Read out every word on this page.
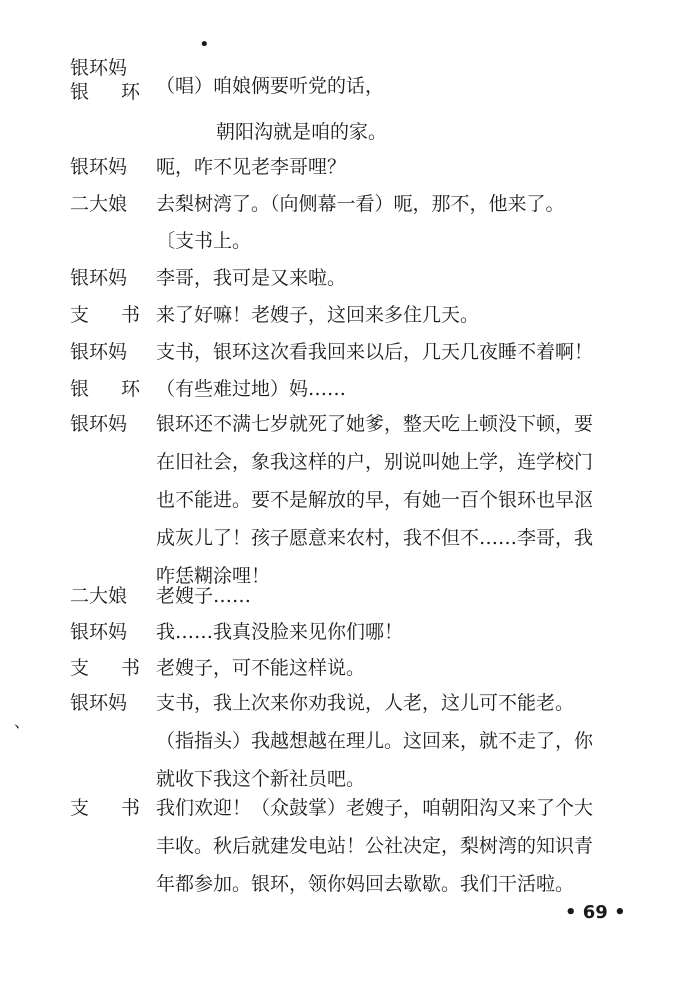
•
、
银环妈
银 环 （唱）咱娘俩要听党的话，
朝阳沟就是咱的家。
银环妈	呃，咋不见老李哥哩？
二大娘	去梨树湾了。（向侧幕一看）呃，那不，他来了。
〔支书上。
银环妈	李哥，我可是又来啦。
支 书 来了好嘛！老嫂子，这回来多住几天。
银环妈	支书，银环这次看我回来以后，几天几夜睡不着啊！
银 环 （有些难过地）妈……
银环妈	银环还不满七岁就死了她爹，整天吃上顿没下顿，要
在旧社会，象我这样的户，别说叫她上学，连学校门
也不能进。要不是解放的早，有她一百个银环也早沤
成灰儿了！孩子愿意来农村，我不但不……李哥，我
咋恁糊涂哩！
二大娘	老嫂子……
银环妈	我……我真没脸来见你们哪！
支 书 老嫂子，可不能这样说。
银环妈	支书，我上次来你劝我说，人老，这儿可不能老。
（指指头）我越想越在理儿。这回来，就不走了，你
就收下我这个新社员吧。
支 书 我们欢迎！（众鼓掌）老嫂子，咱朝阳沟又来了个大
丰收。秋后就建发电站！公社决定，梨树湾的知识青
年都参加。银环，领你妈回去歇歇。我们干活啦。
• 69 •
